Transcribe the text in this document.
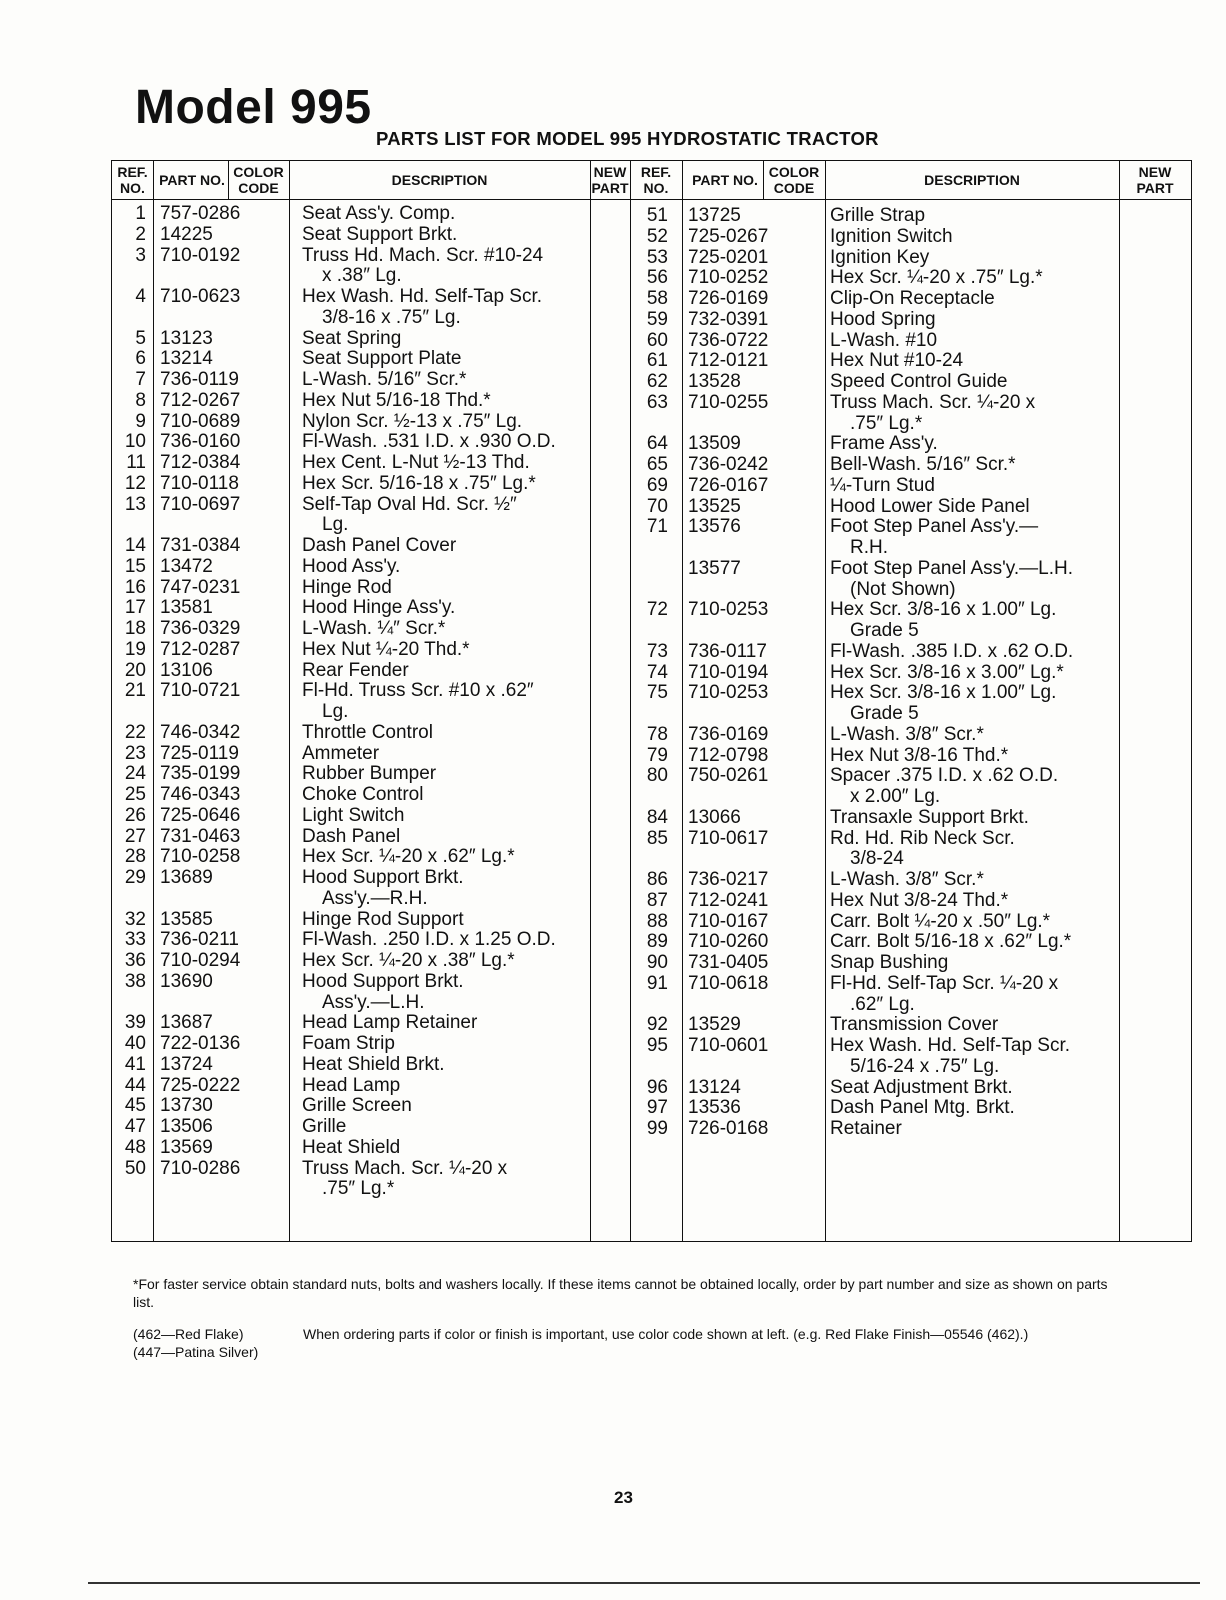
Model 995
PARTS LIST FOR MODEL 995 HYDROSTATIC TRACTOR
REF. NO.	PART NO. COLOR CODE	DESCRIPTION	NEW PART
REF. NO.	PART NO. COLOR CODE	DESCRIPTION	NEW PART
1 757-0286	Seat Ass'y. Comp.
2 14225	Seat Support Brkt.
3 710-0192	Truss Hd. Mach. Scr. #10-24
x .38″ Lg.
4 710-0623	Hex Wash. Hd. Self-Tap Scr.
3/8-16 x .75″ Lg.
5 13123	Seat Spring
6 13214	Seat Support Plate
7 736-0119	L-Wash. 5/16″ Scr.*
8 712-0267	Hex Nut 5/16-18 Thd.*
9 710-0689	Nylon Scr. ½-13 x .75″ Lg.
10 736-0160	Fl-Wash. .531 I.D. x .930 O.D.
11 712-0384	Hex Cent. L-Nut ½-13 Thd.
12 710-0118	Hex Scr. 5/16-18 x .75″ Lg.*
13 710-0697	Self-Tap Oval Hd. Scr. ½″
Lg.
14 731-0384	Dash Panel Cover
15 13472	Hood Ass'y.
16 747-0231	Hinge Rod
17 13581	Hood Hinge Ass'y.
18 736-0329	L-Wash. ¼″ Scr.*
19 712-0287	Hex Nut ¼-20 Thd.*
20 13106	Rear Fender
21 710-0721	Fl-Hd. Truss Scr. #10 x .62″
Lg.
22 746-0342	Throttle Control
23 725-0119	Ammeter
24 735-0199	Rubber Bumper
25 746-0343	Choke Control
26 725-0646	Light Switch
27 731-0463	Dash Panel
28 710-0258	Hex Scr. ¼-20 x .62″ Lg.*
29 13689	Hood Support Brkt.
Ass'y.—R.H.
32 13585	Hinge Rod Support
33 736-0211	Fl-Wash. .250 I.D. x 1.25 O.D.
36 710-0294	Hex Scr. ¼-20 x .38″ Lg.*
38 13690	Hood Support Brkt.
Ass'y.—L.H.
39 13687	Head Lamp Retainer
40 722-0136	Foam Strip
41 13724	Heat Shield Brkt.
44 725-0222	Head Lamp
45 13730	Grille Screen
47 13506	Grille
48 13569	Heat Shield
50 710-0286	Truss Mach. Scr. ¼-20 x
.75″ Lg.*
51 13725	Grille Strap
52 725-0267	Ignition Switch
53 725-0201	Ignition Key
56 710-0252	Hex Scr. ¼-20 x .75″ Lg.*
58 726-0169	Clip-On Receptacle
59 732-0391	Hood Spring
60 736-0722	L-Wash. #10
61 712-0121	Hex Nut #10-24
62 13528	Speed Control Guide
63 710-0255	Truss Mach. Scr. ¼-20 x
.75″ Lg.*
64 13509	Frame Ass'y.
65 736-0242	Bell-Wash. 5/16″ Scr.*
69 726-0167	¼-Turn Stud
70 13525	Hood Lower Side Panel
71 13576	Foot Step Panel Ass'y.—
R.H.
13577	Foot Step Panel Ass'y.—L.H.
(Not Shown)
72 710-0253	Hex Scr. 3/8-16 x 1.00″ Lg.
Grade 5
73 736-0117	Fl-Wash. .385 I.D. x .62 O.D.
74 710-0194	Hex Scr. 3/8-16 x 3.00″ Lg.*
75 710-0253	Hex Scr. 3/8-16 x 1.00″ Lg.
Grade 5
78 736-0169	L-Wash. 3/8″ Scr.*
79 712-0798	Hex Nut 3/8-16 Thd.*
80 750-0261	Spacer .375 I.D. x .62 O.D.
x 2.00″ Lg.
84 13066	Transaxle Support Brkt.
85 710-0617	Rd. Hd. Rib Neck Scr.
3/8-24
86 736-0217	L-Wash. 3/8″ Scr.*
87 712-0241	Hex Nut 3/8-24 Thd.*
88 710-0167	Carr. Bolt ¼-20 x .50″ Lg.*
89 710-0260	Carr. Bolt 5/16-18 x .62″ Lg.*
90 731-0405	Snap Bushing
91 710-0618	Fl-Hd. Self-Tap Scr. ¼-20 x
.62″ Lg.
92 13529	Transmission Cover
95 710-0601	Hex Wash. Hd. Self-Tap Scr.
5/16-24 x .75″ Lg.
96 13124	Seat Adjustment Brkt.
97 13536	Dash Panel Mtg. Brkt.
99 726-0168	Retainer
*For faster service obtain standard nuts, bolts and washers locally. If these items cannot be obtained locally, order by part number and size as shown on parts list.
(462—Red Flake)
(447—Patina Silver)
When ordering parts if color or finish is important, use color code shown at left. (e.g. Red Flake Finish—05546 (462).)
23
